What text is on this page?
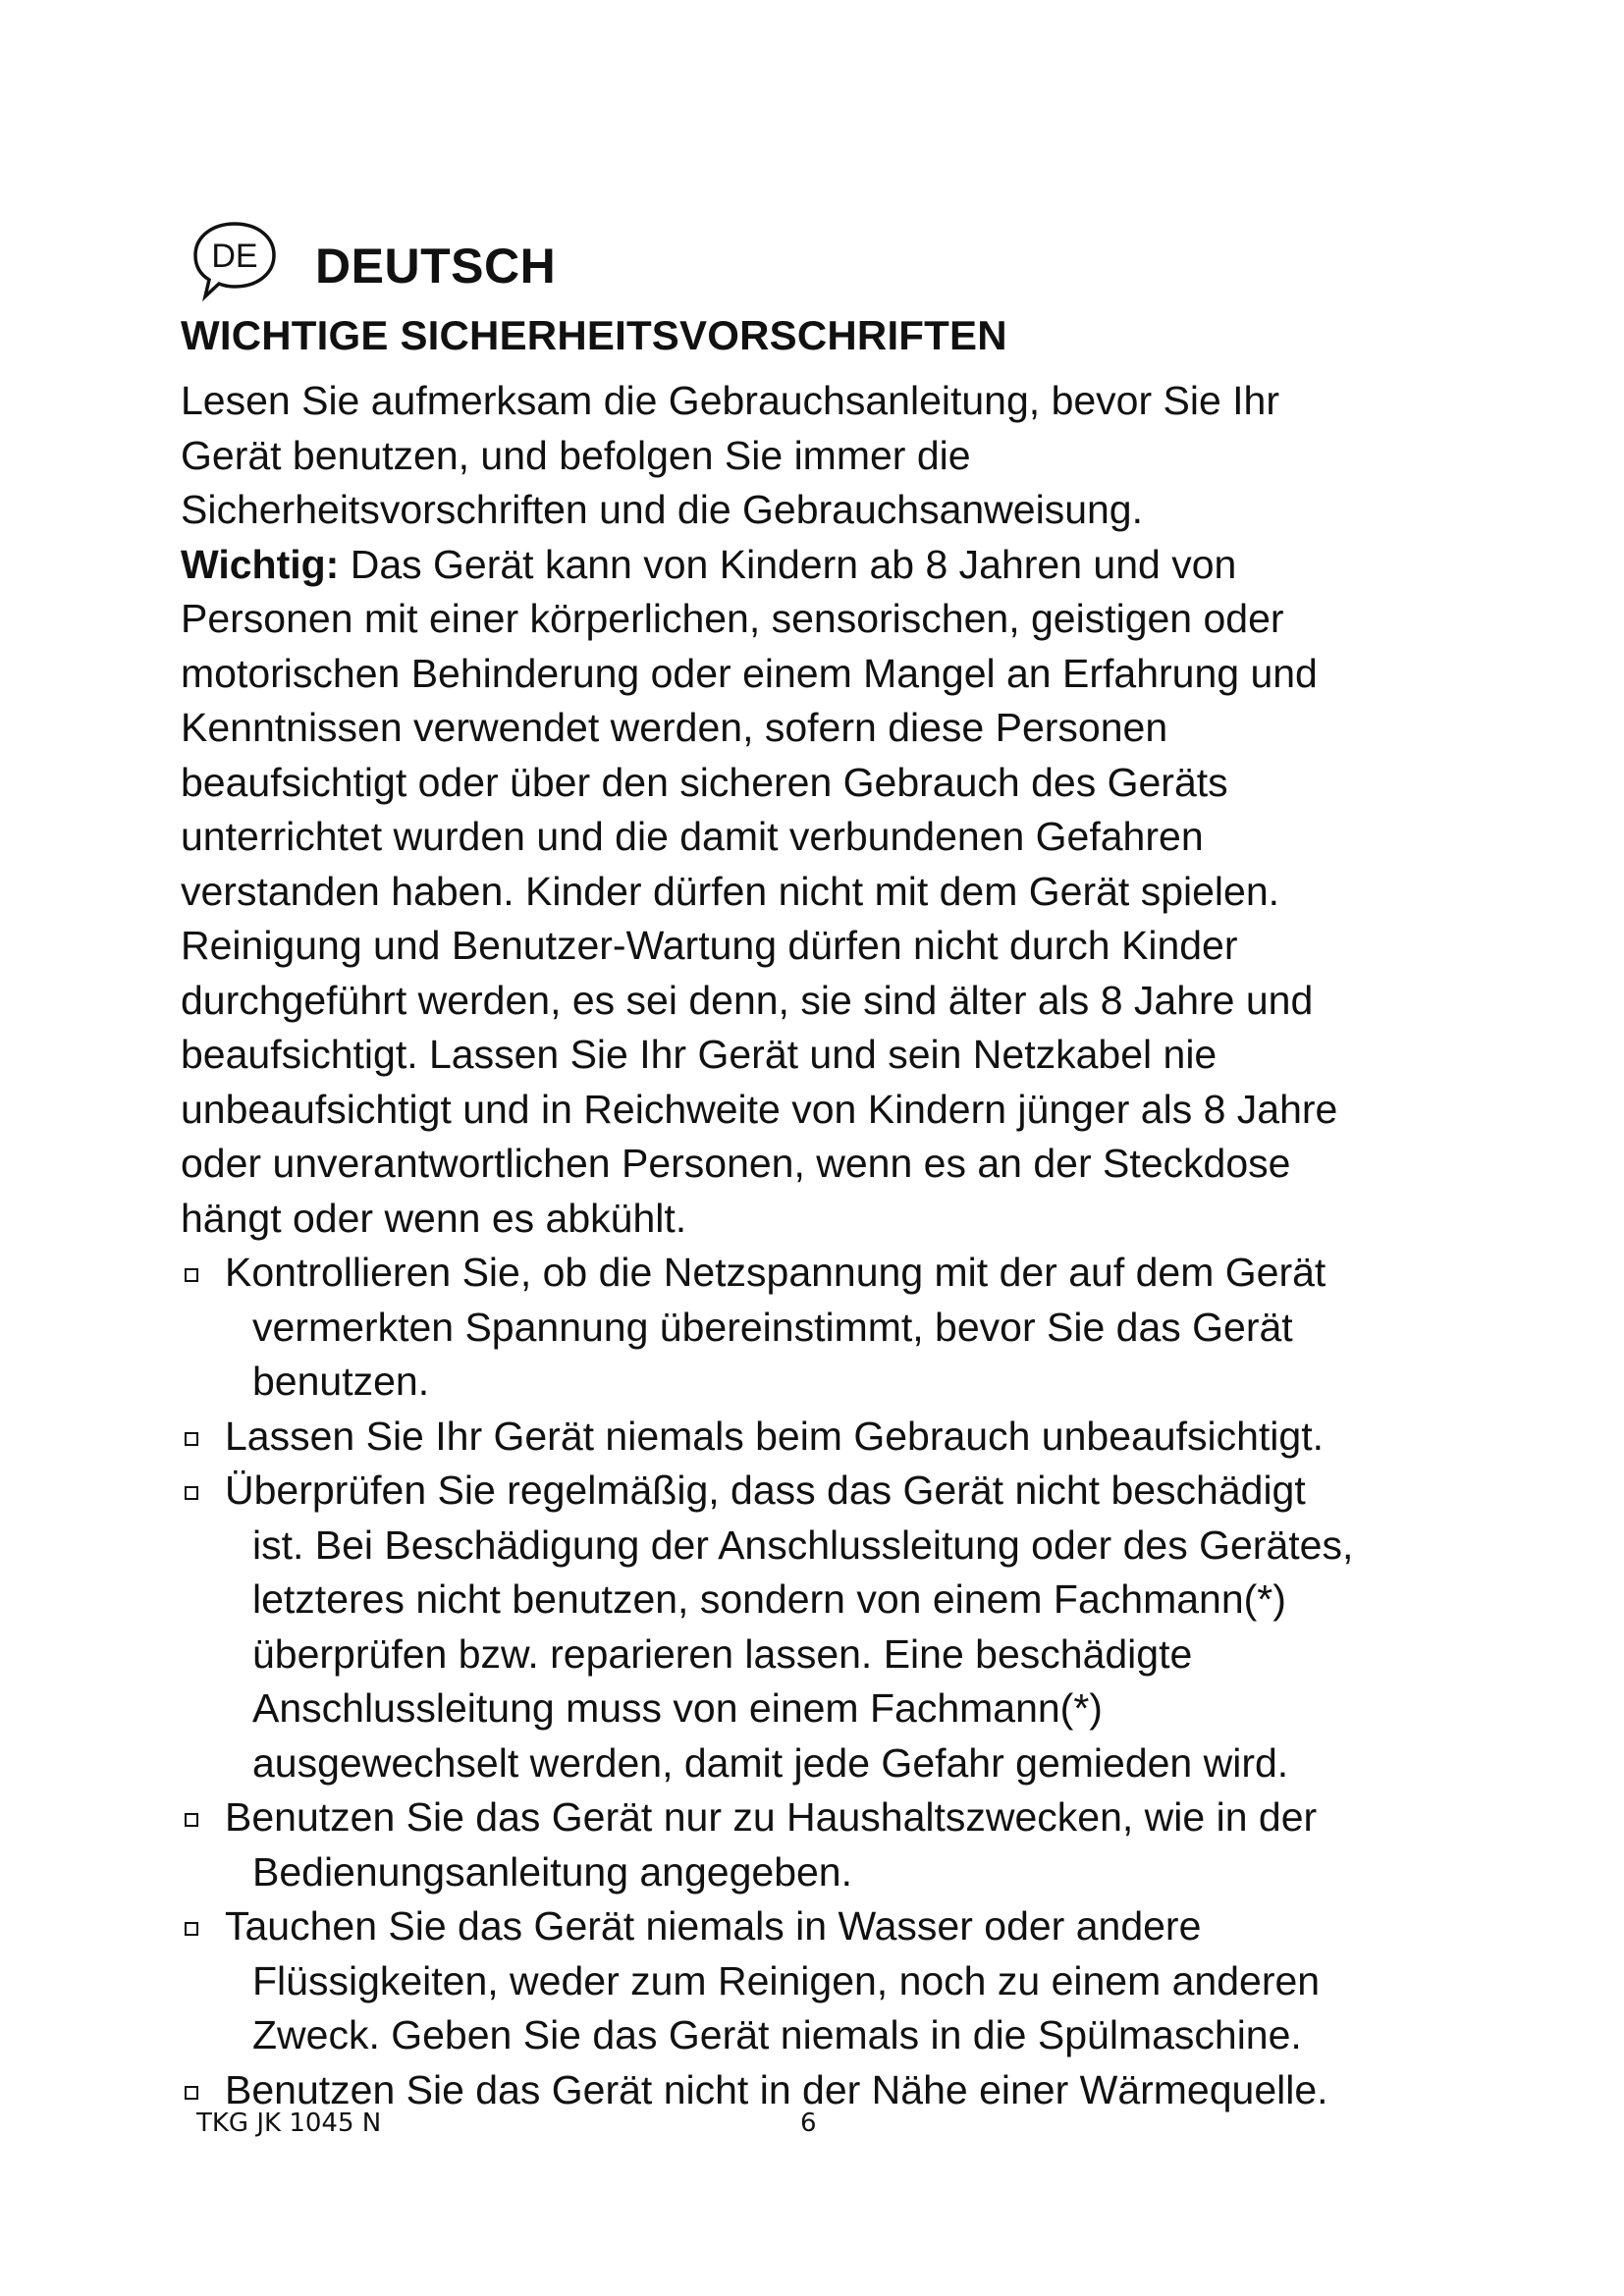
DE DEUTSCH
WICHTIGE SICHERHEITSVORSCHRIFTEN

Lesen Sie aufmerksam die Gebrauchsanleitung, bevor Sie Ihr
Gerät benutzen, und befolgen Sie immer die
Sicherheitsvorschriften und die Gebrauchsanweisung.

Wichtig: Das Gerät kann von Kindern ab 8 Jahren und von
Personen mit einer körperlichen, sensorischen, geistigen oder
motorischen Behinderung oder einem Mangel an Erfahrung und
Kenntnissen verwendet werden, sofern diese Personen
beaufsichtigt oder über den sicheren Gebrauch des Geräts
unterrichtet wurden und die damit verbundenen Gefahren
verstanden haben. Kinder dürfen nicht mit dem Gerät spielen.
Reinigung und Benutzer-Wartung dürfen nicht durch Kinder
durchgeführt werden, es sei denn, sie sind älter als 8 Jahre und
beaufsichtigt. Lassen Sie Ihr Gerät und sein Netzkabel nie
unbeaufsichtigt und in Reichweite von Kindern jünger als 8 Jahre
oder unverantwortlichen Personen, wenn es an der Steckdose
hängt oder wenn es abkühlt.

Kontrollieren Sie, ob die Netzspannung mit der auf dem Gerät
vermerkten Spannung übereinstimmt, bevor Sie das Gerät
benutzen.
Lassen Sie Ihr Gerät niemals beim Gebrauch unbeaufsichtigt.
Überprüfen Sie regelmäßig, dass das Gerät nicht beschädigt
ist. Bei Beschädigung der Anschlussleitung oder des Gerätes,
letzteres nicht benutzen, sondern von einem Fachmann(*)
überprüfen bzw. reparieren lassen. Eine beschädigte
Anschlussleitung muss von einem Fachmann(*)
ausgewechselt werden, damit jede Gefahr gemieden wird.
Benutzen Sie das Gerät nur zu Haushaltszwecken, wie in der
Bedienungsanleitung angegeben.
Tauchen Sie das Gerät niemals in Wasser oder andere
Flüssigkeiten, weder zum Reinigen, noch zu einem anderen
Zweck. Geben Sie das Gerät niemals in die Spülmaschine.
Benutzen Sie das Gerät nicht in der Nähe einer Wärmequelle.
TKG JK 1045 N	6
